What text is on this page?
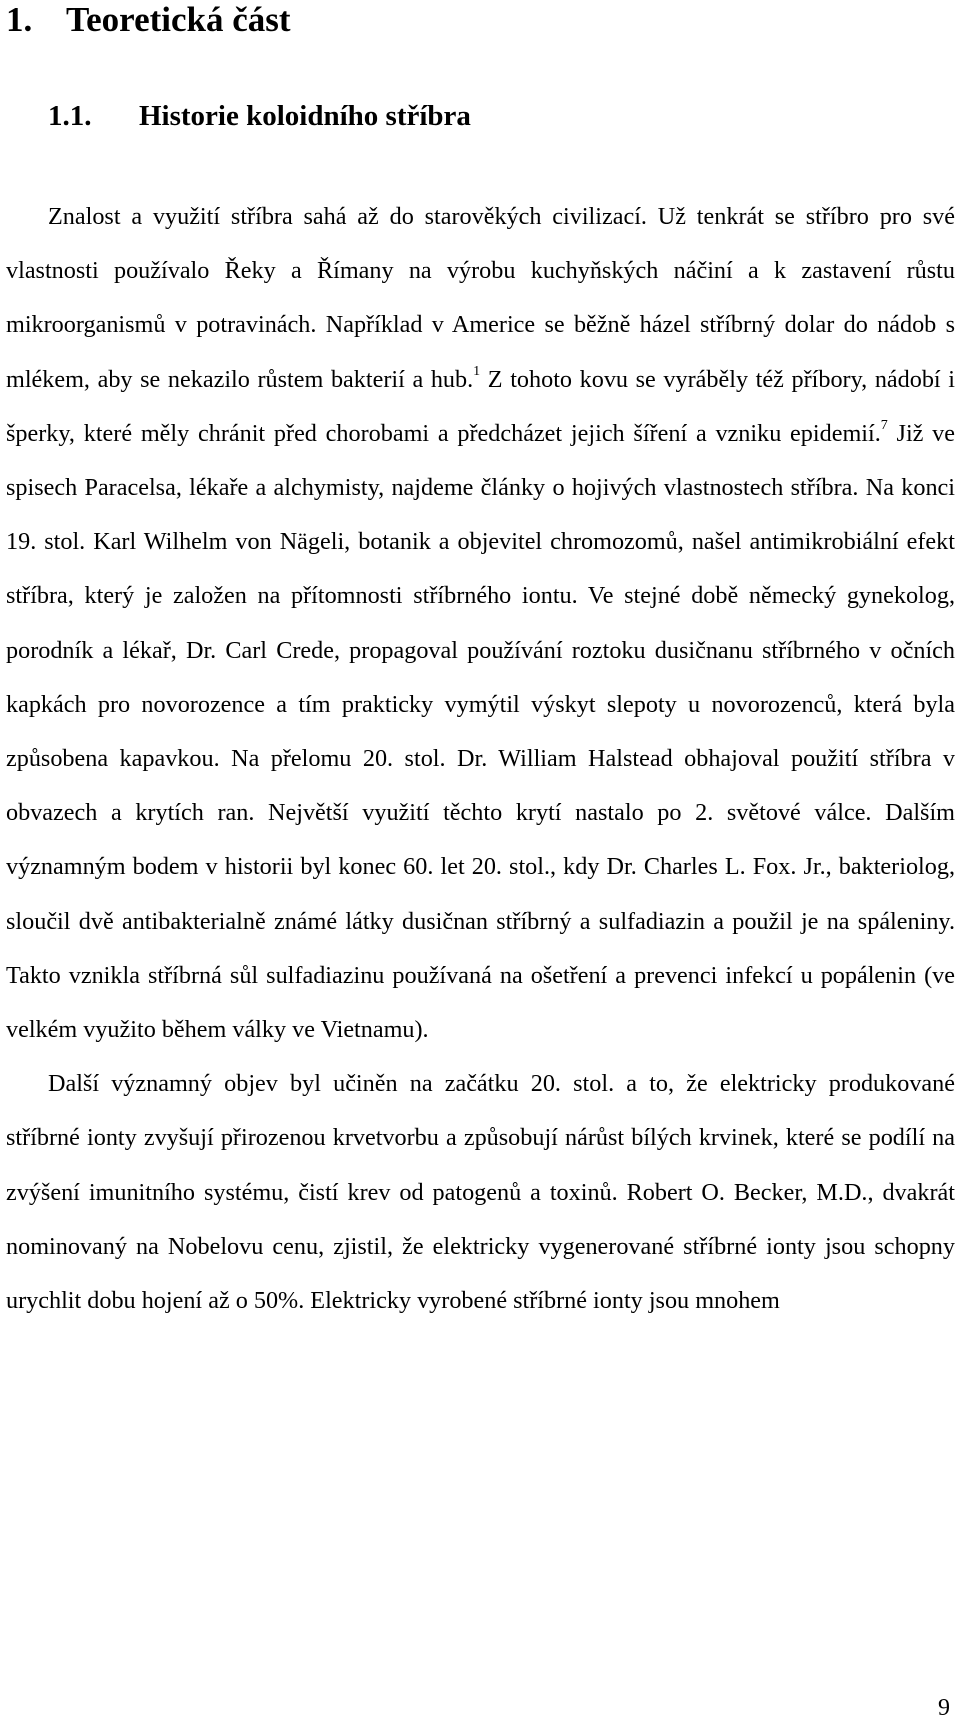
1. Teoretická část
1.1. Historie koloidního stříbra

Znalost a využití stříbra sahá až do starověkých civilizací. Už tenkrát se stříbro pro své vlastnosti používalo Řeky a Římany na výrobu kuchyňských náčiní a k zastavení růstu mikroorganismů v potravinách. Například v Americe se běžně házel stříbrný dolar do nádob s mlékem, aby se nekazilo růstem bakterií a hub.$^1$ Z tohoto kovu se vyráběly též příbory, nádobí i šperky, které měly chránit před chorobami a předcházet jejich šíření a vzniku epidemií.$^7$ Již ve spisech Paracelsa, lékaře a alchymisty, najdeme články o hojivých vlastnostech stříbra. Na konci 19. stol. Karl Wilhelm von Nägeli, botanik a objevitel chromozomů, našel antimikrobiální efekt stříbra, který je založen na přítomnosti stříbrného iontu. Ve stejné době německý gynekolog, porodník a lékař, Dr. Carl Crede, propagoval používání roztoku dusičnanu stříbrného v očních kapkách pro novorozence a tím prakticky vymýtil výskyt slepoty u novorozenců, která byla způsobena kapavkou. Na přelomu 20. stol. Dr. William Halstead obhajoval použití stříbra v obvazech a krytích ran. Největší využití těchto krytí nastalo po 2. světové válce. Dalším významným bodem v historii byl konec 60. let 20. stol., kdy Dr. Charles L. Fox. Jr., bakteriolog, sloučil dvě antibakterialně známé látky dusičnan stříbrný a sulfadiazin a použil je na spáleniny. Takto vznikla stříbrná sůl sulfadiazinu používaná na ošetření a prevenci infekcí u popálenin (ve velkém využito během války ve Vietnamu).

Další významný objev byl učiněn na začátku 20. stol. a to, že elektricky produkované stříbrné ionty zvyšují přirozenou krvetvorbu a způsobují nárůst bílých krvinek, které se podílí na zvýšení imunitního systému, čistí krev od patogenů a toxinů. Robert O. Becker, M.D., dvakrát nominovaný na Nobelovu cenu, zjistil, že elektricky vygenerované stříbrné ionty jsou schopny urychlit dobu hojení až o 50%. Elektricky vyrobené stříbrné ionty jsou mnohem

9
